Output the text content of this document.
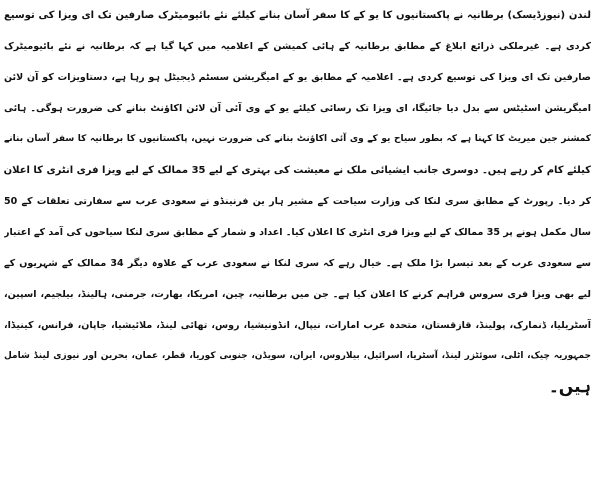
لندن (نیوزڈیسک) برطانیہ نے پاکستانیوں کا یو کے کا سفر آسان بنانے کیلئے نئے بائیومیٹرک صارفین تک ای ویزا کی توسیع
کردی ہے۔ غیرملکی ذرائع ابلاغ کے مطابق برطانیہ کے ہائی کمیشن کے اعلامیہ میں کہا گیا ہے کہ برطانیہ نے نئے بائیومیٹرک
صارفین تک ای ویزا کی توسیع کردی ہے۔ اعلامیہ کے مطابق یو کے امیگریشن سسٹم ڈیجیٹل ہو رہا ہے، دستاویزات کو آن لائن
امیگریشن اسٹیٹس سے بدل دیا جائیگا، ای ویزا تک رسائی کیلئے یو کے وی آئی آن لائن اکاؤنٹ بنانے کی ضرورت ہوگی۔ ہائی
کمشنر جین میریٹ کا کہنا ہے کہ بطور سیاح یو کے وی آئی اکاؤنٹ بنانے کی ضرورت نہیں، پاکستانیوں کا برطانیہ کا سفر آسان بنانے
کیلئے کام کر رہے ہیں۔ دوسری جانب ایشیائی ملک نے معیشت کی بہتری کے لیے 35 ممالک کے لیے ویزا فری انٹری کا اعلان
کر دیا۔ رپورٹ کے مطابق سری لنکا کی وزارت سیاحت کے مشیر ہار ین فرنینڈو نے سعودی عرب سے سفارتی تعلقات کے 50
سال مکمل ہونے پر 35 ممالک کے لیے ویزا فری انٹری کا اعلان کیا۔ اعداد و شمار کے مطابق سری لنکا سیاحوں کی آمد کے اعتبار
سے سعودی عرب کے بعد تیسرا بڑا ملک ہے۔ خیال رہے کہ سری لنکا نے سعودی عرب کے علاوہ دیگر 34 ممالک کے شہریوں کے
لیے بھی ویزا فری سروس فراہم کرنے کا اعلان کیا ہے۔ جن میں برطانیہ، چین، امریکا، بھارت، جرمنی، ہالینڈ، بیلجیم، اسپین،
آسٹریلیا، ڈنمارک، پولینڈ، قازقستان، متحدہ عرب امارات، نیپال، انڈونیشیا، روس، تھائی لینڈ، ملائیشیا، جاپان، فرانس، کینیڈا،
جمہوریہ چیک، اٹلی، سوئٹزر لینڈ، آسٹریا، اسرائیل، بیلاروس، ایران، سویڈن، جنوبی کوریا، قطر، عمان، بحرین اور نیوزی لینڈ شامل
ہیں۔
